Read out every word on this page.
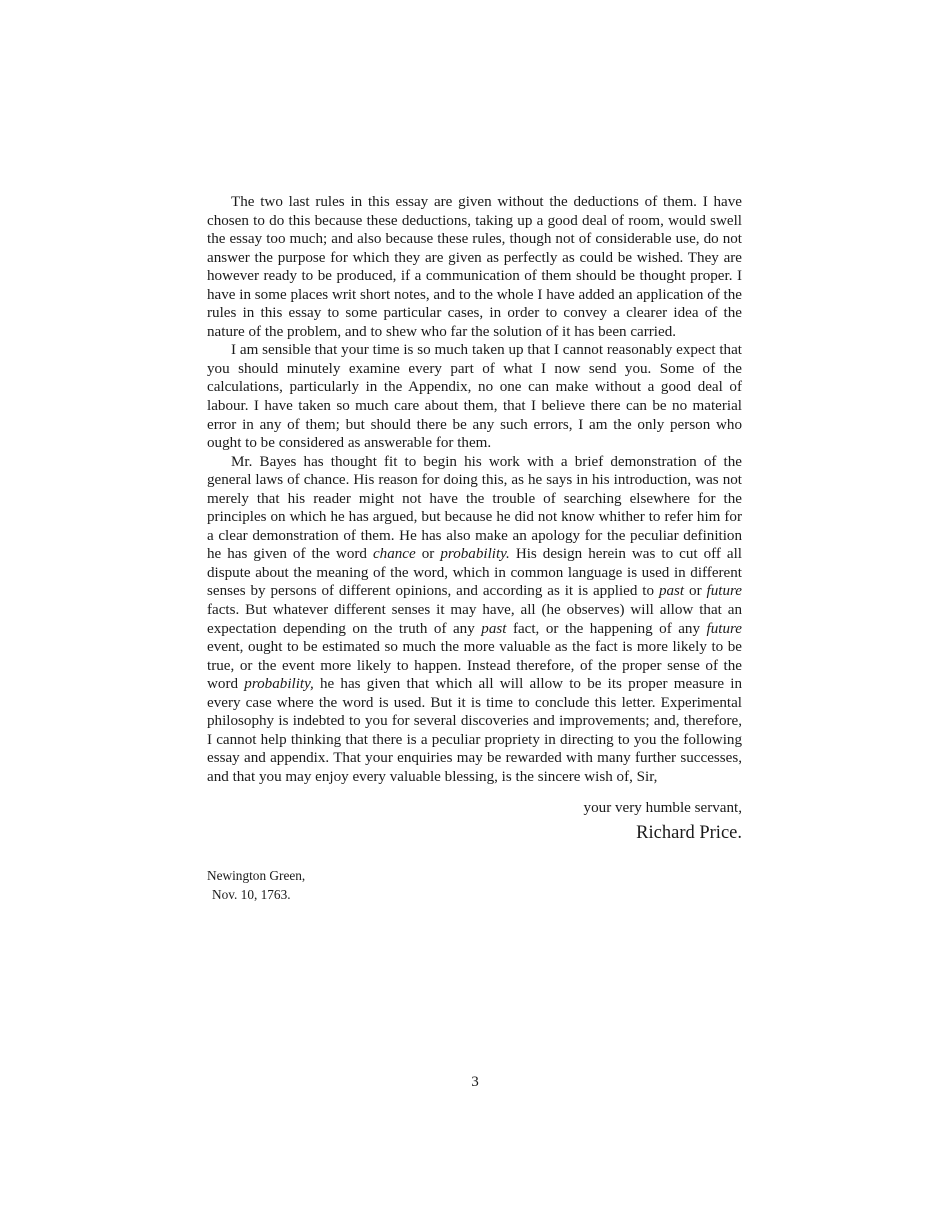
The two last rules in this essay are given without the deductions of them. I have chosen to do this because these deductions, taking up a good deal of room, would swell the essay too much; and also because these rules, though not of considerable use, do not answer the purpose for which they are given as perfectly as could be wished. They are however ready to be produced, if a communication of them should be thought proper. I have in some places writ short notes, and to the whole I have added an application of the rules in this essay to some particular cases, in order to convey a clearer idea of the nature of the problem, and to shew who far the solution of it has been carried.

I am sensible that your time is so much taken up that I cannot reasonably expect that you should minutely examine every part of what I now send you. Some of the calculations, particularly in the Appendix, no one can make without a good deal of labour. I have taken so much care about them, that I believe there can be no material error in any of them; but should there be any such errors, I am the only person who ought to be considered as answerable for them.

Mr. Bayes has thought fit to begin his work with a brief demonstration of the general laws of chance. His reason for doing this, as he says in his introduction, was not merely that his reader might not have the trouble of searching elsewhere for the principles on which he has argued, but because he did not know whither to refer him for a clear demonstration of them. He has also make an apology for the peculiar definition he has given of the word chance or probability. His design herein was to cut off all dispute about the meaning of the word, which in common language is used in different senses by persons of different opinions, and according as it is applied to past or future facts. But whatever different senses it may have, all (he observes) will allow that an expectation depending on the truth of any past fact, or the happening of any future event, ought to be estimated so much the more valuable as the fact is more likely to be true, or the event more likely to happen. Instead therefore, of the proper sense of the word probability, he has given that which all will allow to be its proper measure in every case where the word is used. But it is time to conclude this letter. Experimental philosophy is indebted to you for several discoveries and improvements; and, therefore, I cannot help thinking that there is a peculiar propriety in directing to you the following essay and appendix. That your enquiries may be rewarded with many further successes, and that you may enjoy every valuable blessing, is the sincere wish of, Sir,

your very humble servant,
Richard Price.
Newington Green,
Nov. 10, 1763.
3
